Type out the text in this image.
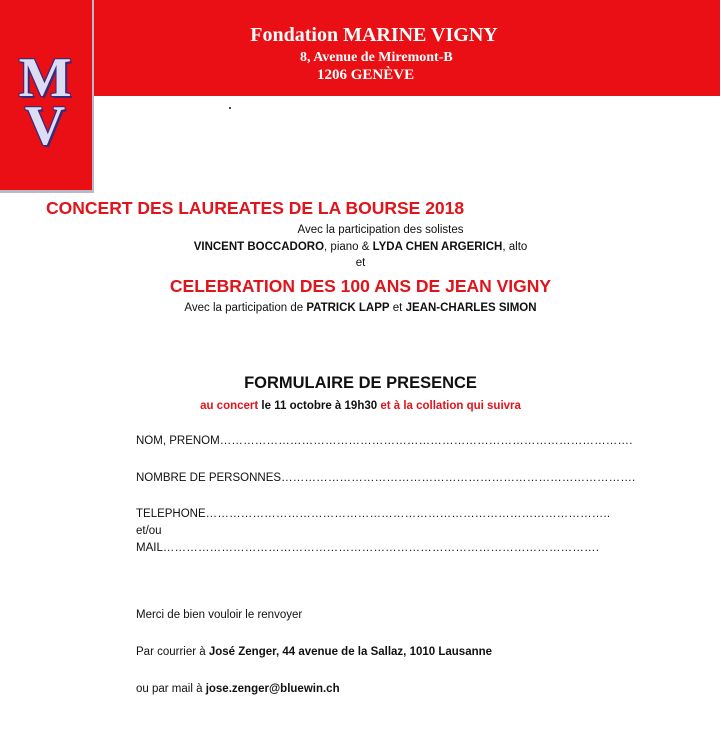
M
V
Fondation MARINE VIGNY
8, Avenue de Miremont-B
1206 GENÈVE
CONCERT DES LAUREATES DE LA BOURSE 2018
Avec la participation des solistes
VINCENT BOCCADORO, piano & LYDA CHEN ARGERICH, alto
et
CELEBRATION DES 100 ANS DE JEAN VIGNY
Avec la participation de PATRICK LAPP et JEAN-CHARLES SIMON
FORMULAIRE DE PRESENCE
au concert le 11 octobre à 19h30 et à la collation qui suivra
NOM, PRENOM…………………………………………………………………………………………….
NOMBRE DE PERSONNES……………………………………………………………………………….
TELEPHONE…………………………………………………………………………………………..
et/ou
MAIL………………………………………………………………………………………………….
Merci de bien vouloir le renvoyer
Par courrier à José Zenger, 44 avenue de la Sallaz, 1010 Lausanne
ou par mail à jose.zenger@bluewin.ch
